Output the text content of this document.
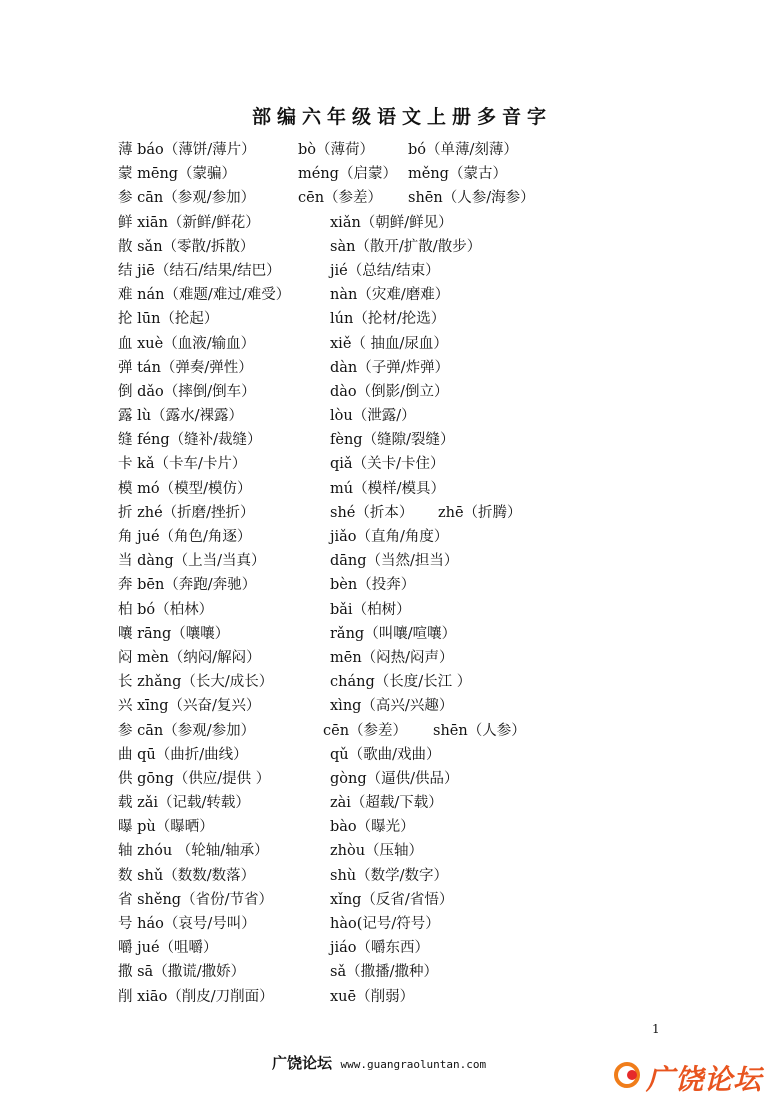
部编六年级语文上册多音字
薄 báo（薄饼/薄片）	bò（薄荷） bó（单薄/刻薄）
蒙 mēng（蒙骗）	méng（启蒙） měng（蒙古）
参 cān（参观/参加）	cēn（参差） shēn（人参/海参）
鲜 xiān（新鲜/鲜花）	xiǎn（朝鲜/鲜见）
散 sǎn（零散/拆散）	sàn（散开/扩散/散步）
结 jiē（结石/结果/结巴）	jié（总结/结束）
难 nán（难题/难过/难受）	nàn（灾难/磨难）
抡 lūn（抡起）	lún（抡材/抡选）
血 xuè（血液/输血）	xiě（ 抽血/尿血）
弹 tán（弹奏/弹性）	dàn（子弹/炸弹）
倒 dǎo（摔倒/倒车）	dào（倒影/倒立）
露 lù（露水/裸露）	lòu（泄露/）
缝 féng（缝补/裁缝）	fèng（缝隙/裂缝）
卡 kǎ（卡车/卡片）	qiǎ（关卡/卡住）
模 mó（模型/模仿）	mú（模样/模具）
折 zhé（折磨/挫折）	shé（折本） zhē（折腾）
角 jué（角色/角逐）	jiǎo（直角/角度）
当 dàng（上当/当真）	dāng（当然/担当）
奔 bēn（奔跑/奔驰）	bèn（投奔）
柏 bó（柏林）	bǎi（柏树）
嚷 rāng（嚷嚷）	rǎng（叫嚷/喧嚷）
闷 mèn（纳闷/解闷）	mēn（闷热/闷声）
长 zhǎng（长大/成长）	cháng（长度/长江 ）
兴 xīng（兴奋/复兴）	xìng（高兴/兴趣）
参 cān（参观/参加）	cēn（参差） shēn（人参）
曲 qū（曲折/曲线）	qǔ（歌曲/戏曲）
供 gōng（供应/提供 ）	gòng（逼供/供品）
载 zǎi（记载/转载）	zài（超载/下载）
曝 pù（曝晒）	bào（曝光）
轴 zhóu （轮轴/轴承）	zhòu（压轴）
数 shǔ（数数/数落）	shù（数学/数字）
省 shěng（省份/节省）	xǐng（反省/省悟）
号 háo（哀号/号叫）	hào(记号/符号）
嚼 jué（咀嚼）	jiáo（嚼东西）
撒 sā（撒谎/撒娇）	sǎ（撒播/撒种）
削 xiāo（削皮/刀削面）	xuē（削弱）
1
广饶论坛 www.guangraoluntan.com	广饶论坛
